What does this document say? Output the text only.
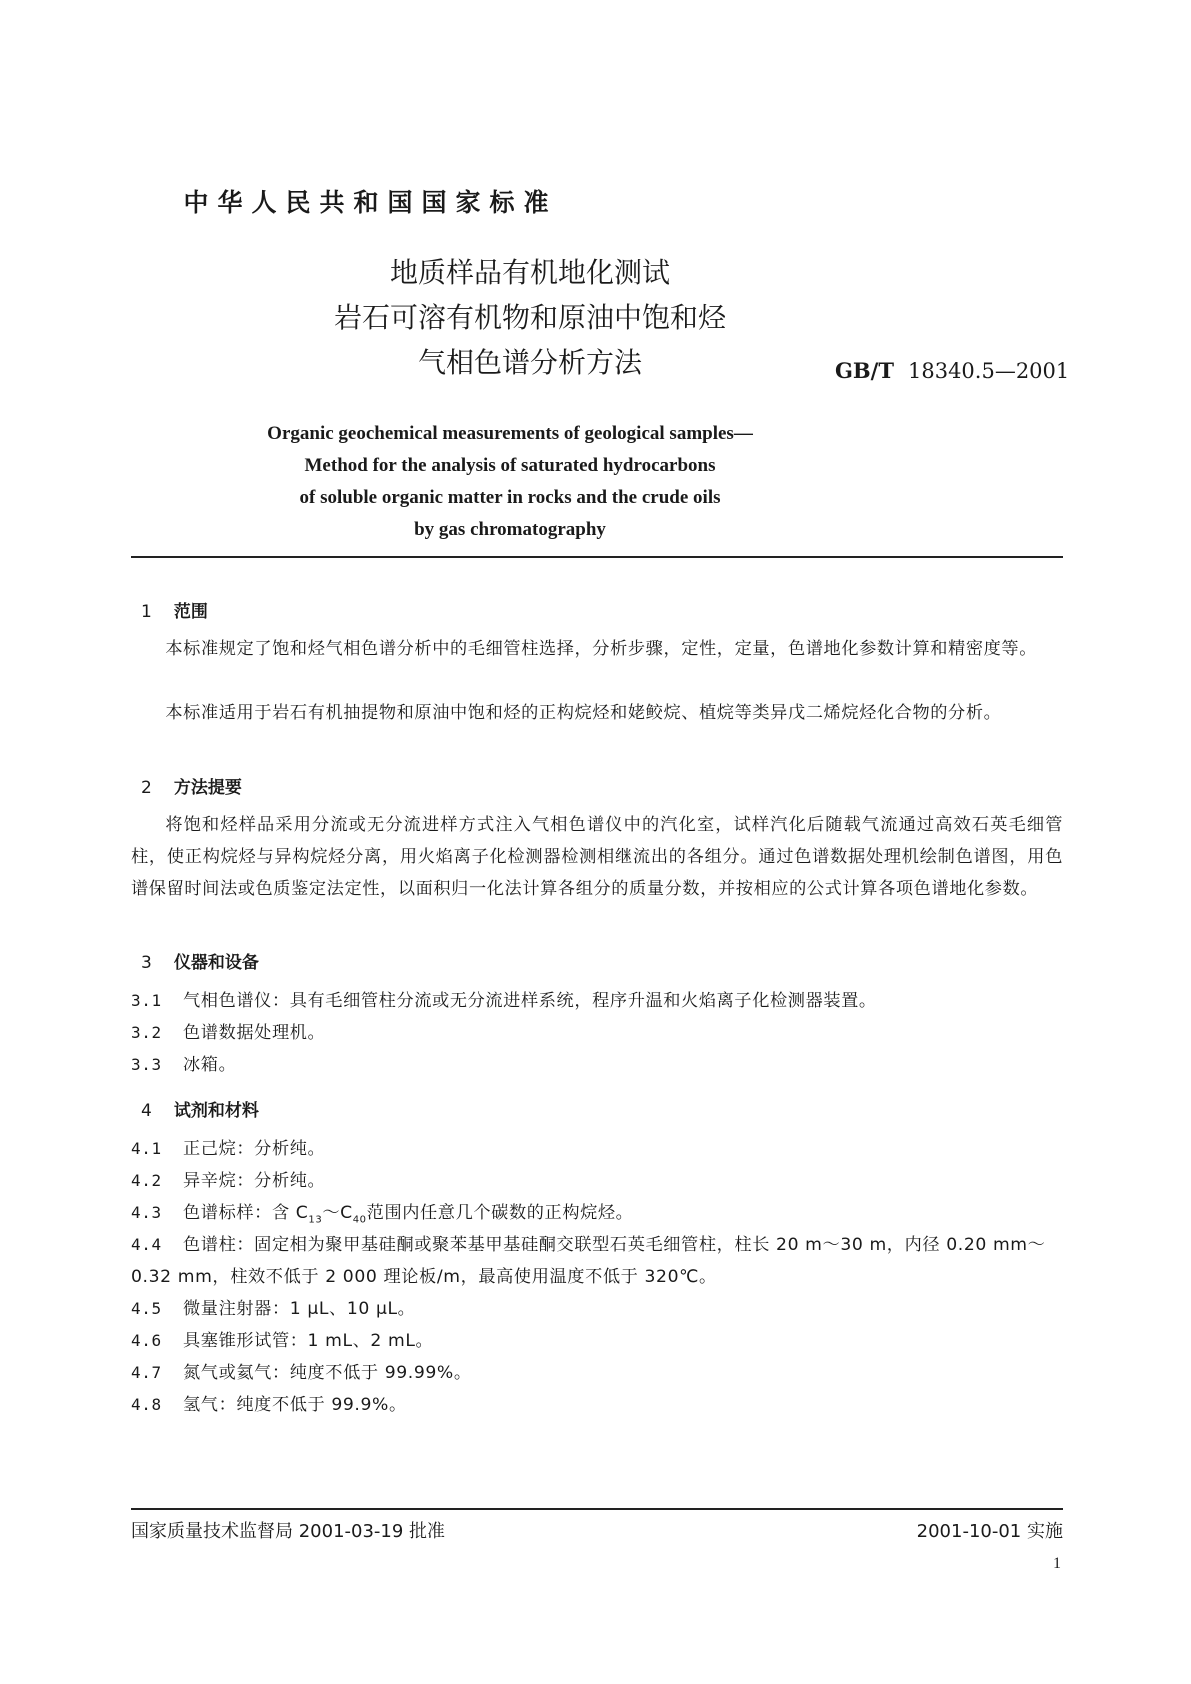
中华人民共和国国家标准
地质样品有机地化测试
岩石可溶有机物和原油中饱和烃
气相色谱分析方法	GB/T 18340.5—2001
Organic geochemical measurements of geological samples—
Method for the analysis of saturated hydrocarbons
of soluble organic matter in rocks and the crude oils
by gas chromatography
1 范围
本标准规定了饱和烃气相色谱分析中的毛细管柱选择，分析步骤，定性，定量，色谱地化参数计算和精密度等。
本标准适用于岩石有机抽提物和原油中饱和烃的正构烷烃和姥鲛烷、植烷等类异戊二烯烷烃化合物的分析。
2 方法提要
将饱和烃样品采用分流或无分流进样方式注入气相色谱仪中的汽化室，试样汽化后随载气流通过高效石英毛细管柱，使正构烷烃与异构烷烃分离，用火焰离子化检测器检测相继流出的各组分。通过色谱数据处理机绘制色谱图，用色谱保留时间法或色质鉴定法定性，以面积归一化法计算各组分的质量分数，并按相应的公式计算各项色谱地化参数。
3 仪器和设备
3.1 气相色谱仪：具有毛细管柱分流或无分流进样系统，程序升温和火焰离子化检测器装置。
3.2 色谱数据处理机。
3.3 冰箱。
4 试剂和材料
4.1 正己烷：分析纯。
4.2 异辛烷：分析纯。
4.3 色谱标样：含 $C_{13}\sim C_{40}$范围内任意几个碳数的正构烷烃。
4.4 色谱柱：固定相为聚甲基硅酮或聚苯基甲基硅酮交联型石英毛细管柱，柱长 20 m～30 m，内径 0.20 mm～0.32 mm，柱效不低于 2 000 理论板/m，最高使用温度不低于 320℃。
4.5 微量注射器：1 μL、10 μL。
4.6 具塞锥形试管：1 mL、2 mL。
4.7 氮气或氦气：纯度不低于 99.99%。
4.8 氢气：纯度不低于 99.9%。
国家质量技术监督局 2001-03-19 批准	2001-10-01 实施
1
